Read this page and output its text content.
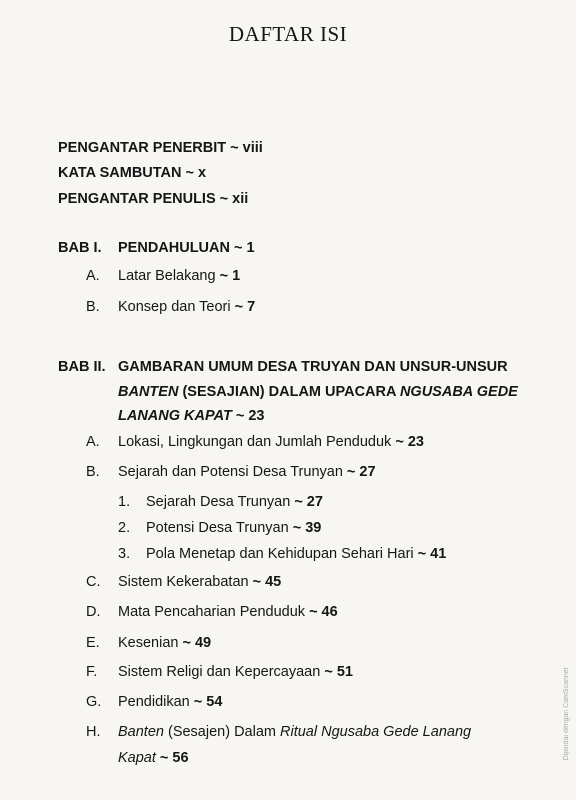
DAFTAR ISI
PENGANTAR PENERBIT ~ viii
KATA SAMBUTAN ~ x
PENGANTAR PENULIS ~ xii
BAB I. PENDAHULUAN ~ 1
A. Latar Belakang ~ 1
B. Konsep dan Teori ~ 7
BAB II. GAMBARAN UMUM DESA TRUYAN DAN UNSUR-UNSUR
BANTEN (SESAJIAN) DALAM UPACARA NGUSABA GEDE
LANANG KAPAT ~ 23
A. Lokasi, Lingkungan dan Jumlah Penduduk ~ 23
B. Sejarah dan Potensi Desa Trunyan ~ 27
1. Sejarah Desa Trunyan ~ 27
2. Potensi Desa Trunyan ~ 39
3. Pola Menetap dan Kehidupan Sehari Hari ~ 41
C. Sistem Kekerabatan ~ 45
D. Mata Pencaharian Penduduk ~ 46
E. Kesenian ~ 49
F. Sistem Religi dan Kepercayaan ~ 51
G. Pendidikan ~ 54
H. Banten (Sesajen) Dalam Ritual Ngusaba Gede Lanang
Kapat ~ 56	Dipindai dengan CamScanner
